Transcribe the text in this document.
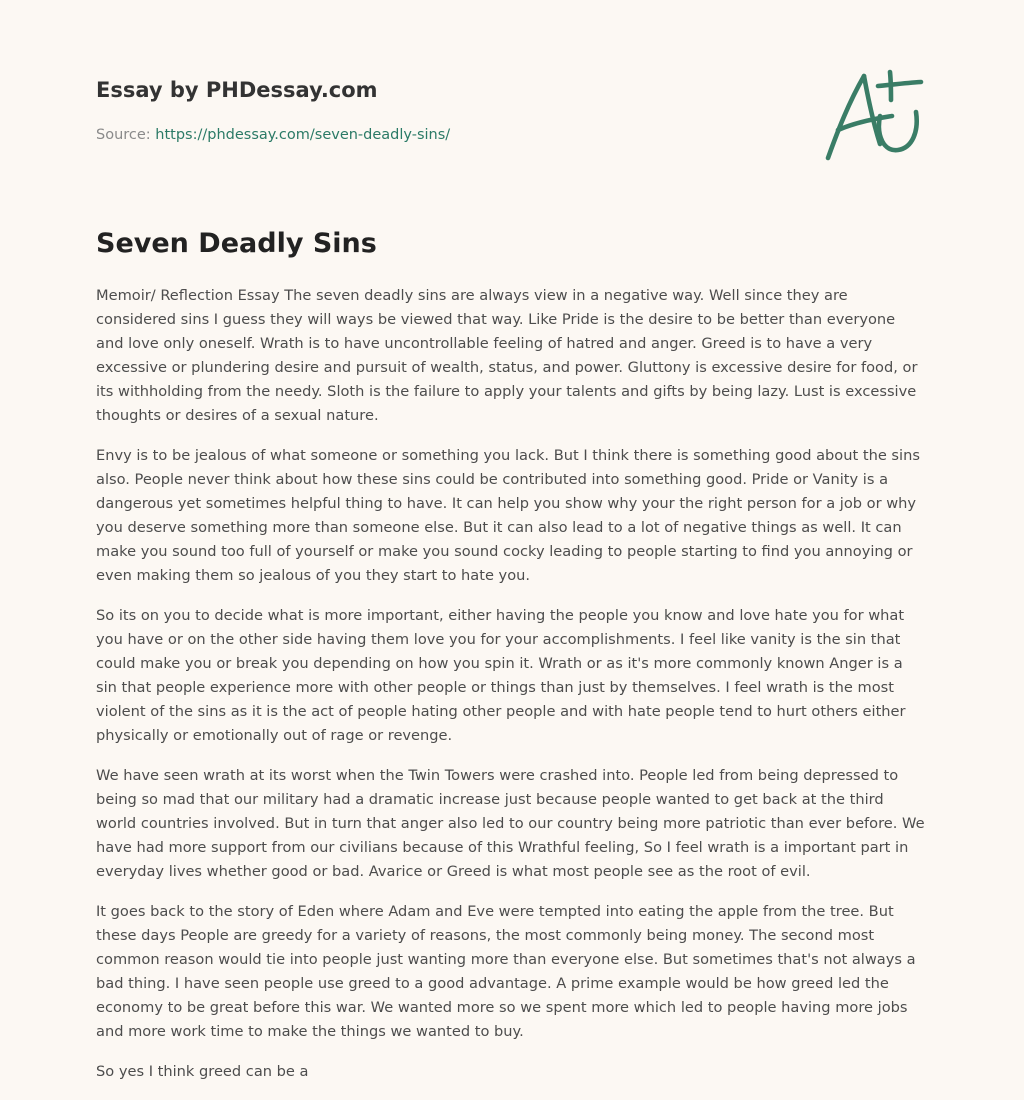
Essay by PHDessay.com
Source: https://phdessay.com/seven-deadly-sins/
Seven Deadly Sins

Memoir/ Reflection Essay The seven deadly sins are always view in a negative way. Well since they are considered sins I guess they will ways be viewed that way. Like Pride is the desire to be better than everyone and love only oneself. Wrath is to have uncontrollable feeling of hatred and anger. Greed is to have a very excessive or plundering desire and pursuit of wealth, status, and power. Gluttony is excessive desire for food, or its withholding from the needy. Sloth is the failure to apply your talents and gifts by being lazy. Lust is excessive thoughts or desires of a sexual nature.

Envy is to be jealous of what someone or something you lack. But I think there is something good about the sins also. People never think about how these sins could be contributed into something good. Pride or Vanity is a dangerous yet sometimes helpful thing to have. It can help you show why your the right person for a job or why you deserve something more than someone else. But it can also lead to a lot of negative things as well. It can make you sound too full of yourself or make you sound cocky leading to people starting to find you annoying or even making them so jealous of you they start to hate you.

So its on you to decide what is more important, either having the people you know and love hate you for what you have or on the other side having them love you for your accomplishments. I feel like vanity is the sin that could make you or break you depending on how you spin it. Wrath or as it's more commonly known Anger is a sin that people experience more with other people or things than just by themselves. I feel wrath is the most violent of the sins as it is the act of people hating other people and with hate people tend to hurt others either physically or emotionally out of rage or revenge.

We have seen wrath at its worst when the Twin Towers were crashed into. People led from being depressed to being so mad that our military had a dramatic increase just because people wanted to get back at the third world countries involved. But in turn that anger also led to our country being more patriotic than ever before. We have had more support from our civilians because of this Wrathful feeling, So I feel wrath is a important part in everyday lives whether good or bad. Avarice or Greed is what most people see as the root of evil.

It goes back to the story of Eden where Adam and Eve were tempted into eating the apple from the tree. But these days People are greedy for a variety of reasons, the most commonly being money. The second most common reason would tie into people just wanting more than everyone else. But sometimes that's not always a bad thing. I have seen people use greed to a good advantage. A prime example would be how greed led the economy to be great before this war. We wanted more so we spent more which led to people having more jobs and more work time to make the things we wanted to buy.

So yes I think greed can be a
